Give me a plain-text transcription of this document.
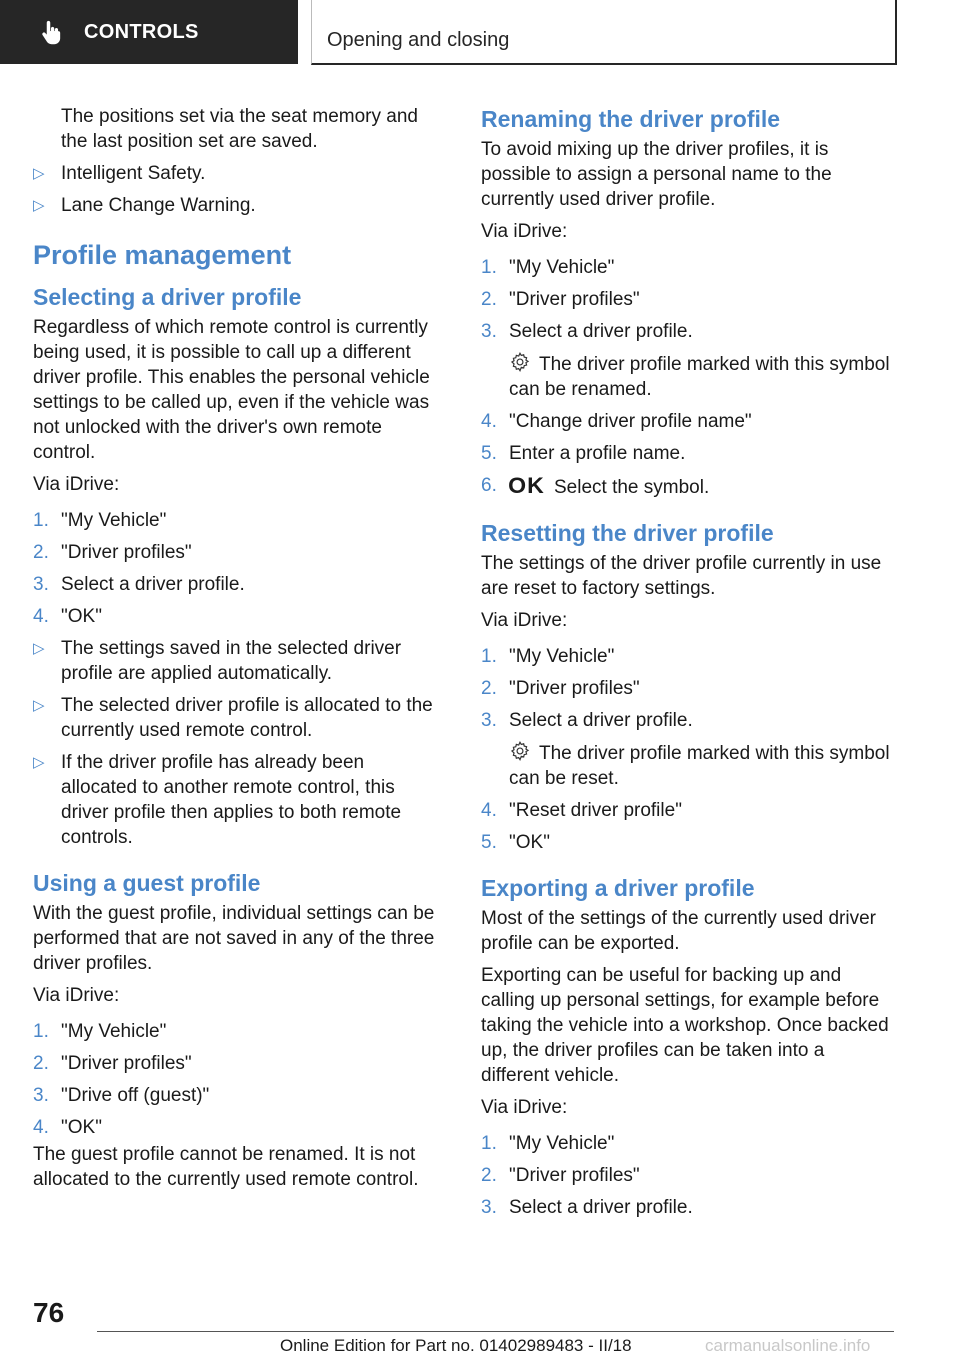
CONTROLS	Opening and closing

The positions set via the seat memory and the last position set are saved.

▷ Intelligent Safety.
▷ Lane Change Warning.
Profile management
Selecting a driver profile

Regardless of which remote control is currently being used, it is possible to call up a different driver profile. This enables the personal vehicle settings to be called up, even if the vehicle was not unlocked with the driver's own remote control.

Via iDrive:

1. "My Vehicle"
2. "Driver profiles"
3. Select a driver profile.
4. "OK"
▷ The settings saved in the selected driver profile are applied automatically.
▷ The selected driver profile is allocated to the currently used remote control.
▷ If the driver profile has already been allocated to another remote control, this driver profile then applies to both remote controls.
Using a guest profile

With the guest profile, individual settings can be performed that are not saved in any of the three driver profiles.

Via iDrive:

1. "My Vehicle"
2. "Driver profiles"
3. "Drive off (guest)"
4. "OK"

The guest profile cannot be renamed. It is not allocated to the currently used remote control.

Renaming the driver profile

To avoid mixing up the driver profiles, it is possible to assign a personal name to the currently used driver profile.

Via iDrive:

1. "My Vehicle"
2. "Driver profiles"
3. Select a driver profile.

The driver profile marked with this symbol can be renamed.

4. "Change driver profile name"
5. Enter a profile name.
6. OK Select the symbol.
Resetting the driver profile

The settings of the driver profile currently in use are reset to factory settings.

Via iDrive:

1. "My Vehicle"
2. "Driver profiles"
3. Select a driver profile.

The driver profile marked with this symbol can be reset.

4. "Reset driver profile"
5. "OK"
Exporting a driver profile

Most of the settings of the currently used driver profile can be exported.

Exporting can be useful for backing up and calling up personal settings, for example before taking the vehicle into a workshop. Once backed up, the driver profiles can be taken into a different vehicle.

Via iDrive:

1. "My Vehicle"
2. "Driver profiles"
3. Select a driver profile.
76
Online Edition for Part no. 01402989483 - II/18	carmanualsonline.info
